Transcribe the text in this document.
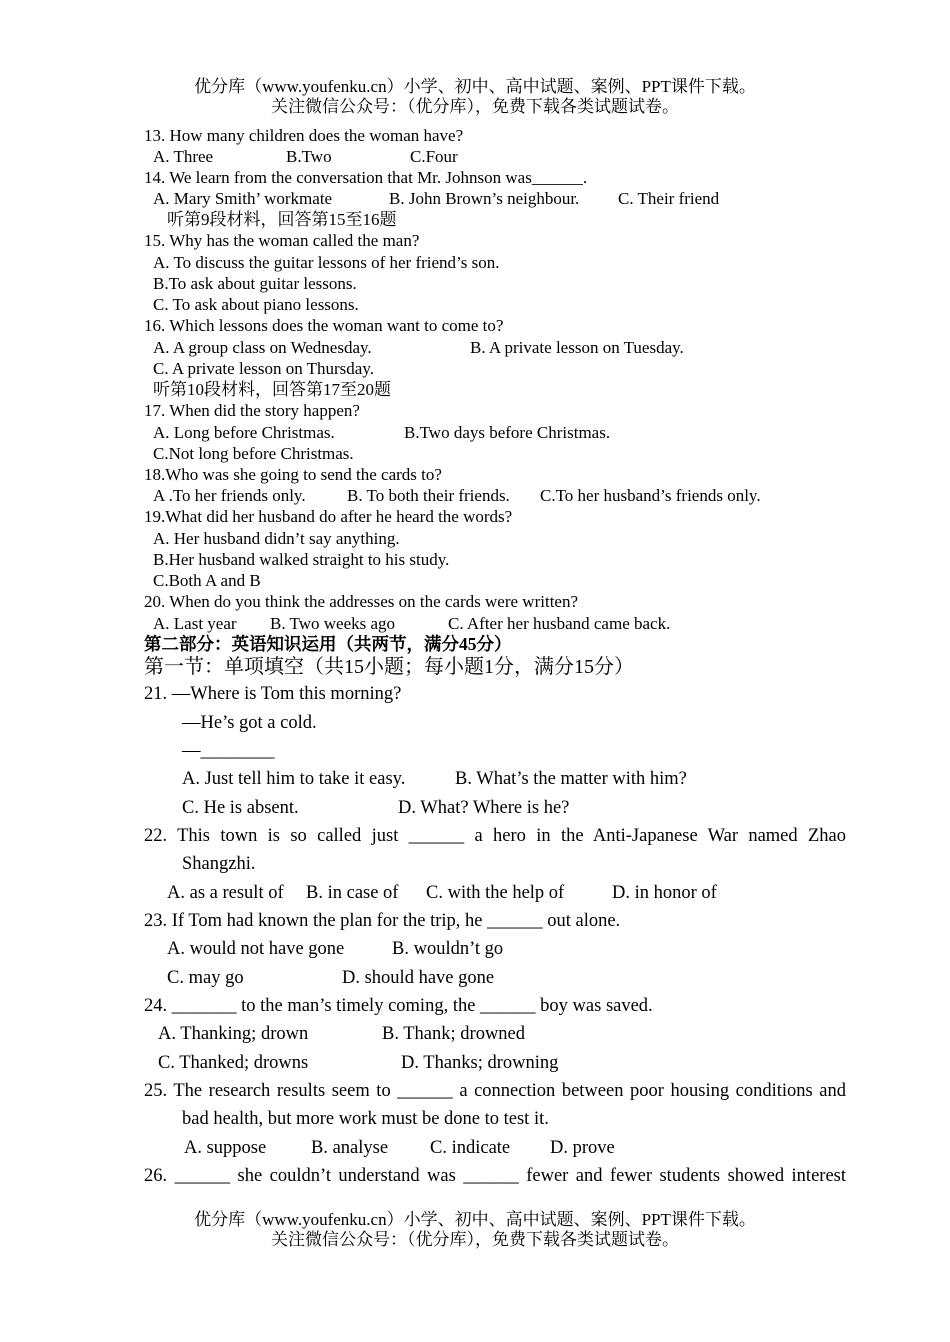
优分库（www.youfenku.cn）小学、初中、高中试题、案例、PPT课件下载。
关注微信公众号：（优分库），免费下载各类试题试卷。
13. How many children does the woman have?
A. Three	B.Two	C.Four
14. We learn from the conversation that Mr. Johnson was______.
A. Mary Smith’ workmate	B. John Brown’s neighbour. C. Their friend
听第9段材料，回答第15至16题
15. Why has the woman called the man?
A. To discuss the guitar lessons of her friend’s son.
B.To ask about guitar lessons.
C. To ask about piano lessons.
16. Which lessons does the woman want to come to?
A. A group class on Wednesday.	B. A private lesson on Tuesday.
C. A private lesson on Thursday.
听第10段材料，回答第17至20题
17. When did the story happen?
A. Long before Christmas.	B.Two days before Christmas.
C.Not long before Christmas.
18.Who was she going to send the cards to?
A .To her friends only. B. To both their friends. C.To her husband’s friends only.
19.What did her husband do after he heard the words?
A. Her husband didn’t say anything.
B.Her husband walked straight to his study.
C.Both A and B
20. When do you think the addresses on the cards were written?
A. Last year B. Two weeks ago	C. After her husband came back.
第二部分：英语知识运用（共两节，满分45分）
第一节：单项填空（共15小题；每小题1分，满分15分）
21. —Where is Tom this morning?
—He’s got a cold.
—________
A. Just tell him to take it easy.	B. What’s the matter with him?
C. He is absent.	D. What? Where is he?
22. This town is so called just ______ a hero in the Anti-Japanese War named Zhao
Shangzhi.
A. as a result of B. in case of C. with the help of	D. in honor of
23. If Tom had known the plan for the trip, he ______ out alone.
A. would not have gone	B. wouldn’t go
C. may go	D. should have gone
24. _______ to the man’s timely coming, the ______ boy was saved.
A. Thanking; drown	B. Thank; drowned
C. Thanked; drowns	D. Thanks; drowning
25. The research results seem to ______ a connection between poor housing conditions and
bad health, but more work must be done to test it.
A. suppose B. analyse C. indicate D. prove
26. ______ she couldn’t understand was ______ fewer and fewer students showed interest
优分库（www.youfenku.cn）小学、初中、高中试题、案例、PPT课件下载。
关注微信公众号：（优分库），免费下载各类试题试卷。
